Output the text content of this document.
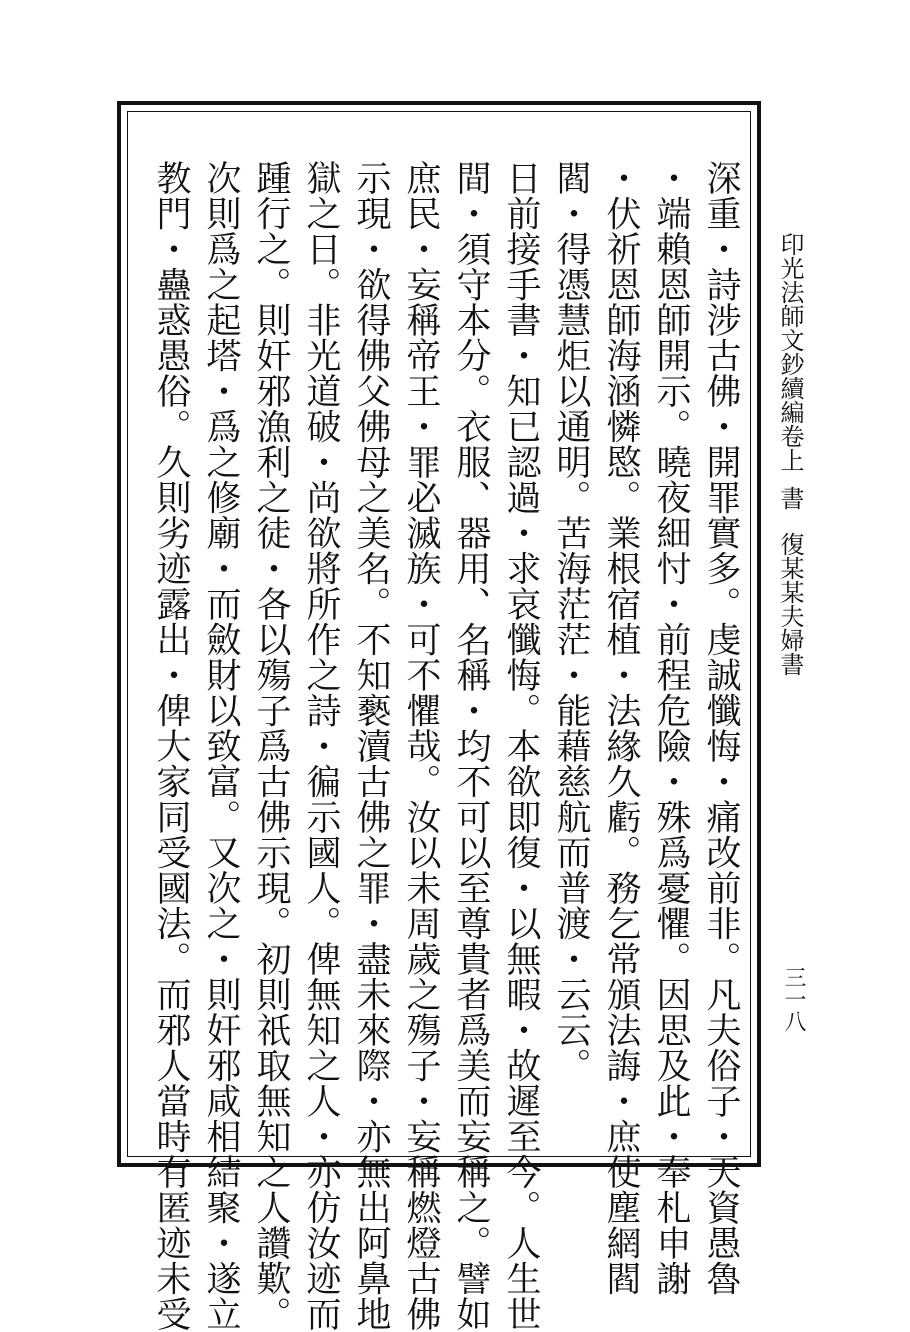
印光法師文鈔續編卷上書復某某夫婦書
三一八
深重・詩涉古佛・開罪實多。虔誠懺悔・痛改前非。凡夫俗子・天資愚魯
・端賴恩師開示。曉夜細忖・前程危險・殊爲憂懼。因思及此・奉札申謝
・伏祈恩師海涵憐愍。業根宿植・法緣久虧。務乞常頒法誨・庶使塵網閻
閻・得憑慧炬以通明。苦海茫茫・能藉慈航而普渡・云云。
日前接手書・知已認過・求哀懺悔。本欲即復・以無暇・故遲至今。人生世
間・須守本分。衣服、器用、名稱・均不可以至尊貴者爲美而妄稱之。譬如
庶民・妄稱帝王・罪必滅族・可不懼哉。汝以未周歲之殤子・妄稱燃燈古佛
示現・欲得佛父佛母之美名。不知褻瀆古佛之罪・盡未來際・亦無出阿鼻地
獄之日。非光道破・尚欲將所作之詩・徧示國人。俾無知之人・亦仿汝迹而
踵行之。則奸邪漁利之徒・各以殤子爲古佛示現。初則祇取無知之人讚歎。
次則爲之起塔・爲之修廟・而斂財以致富。又次之・則奸邪咸相結聚・遂立
教門・蠱惑愚俗。久則劣迹露出・俾大家同受國法。而邪人當時有匿迹未受
